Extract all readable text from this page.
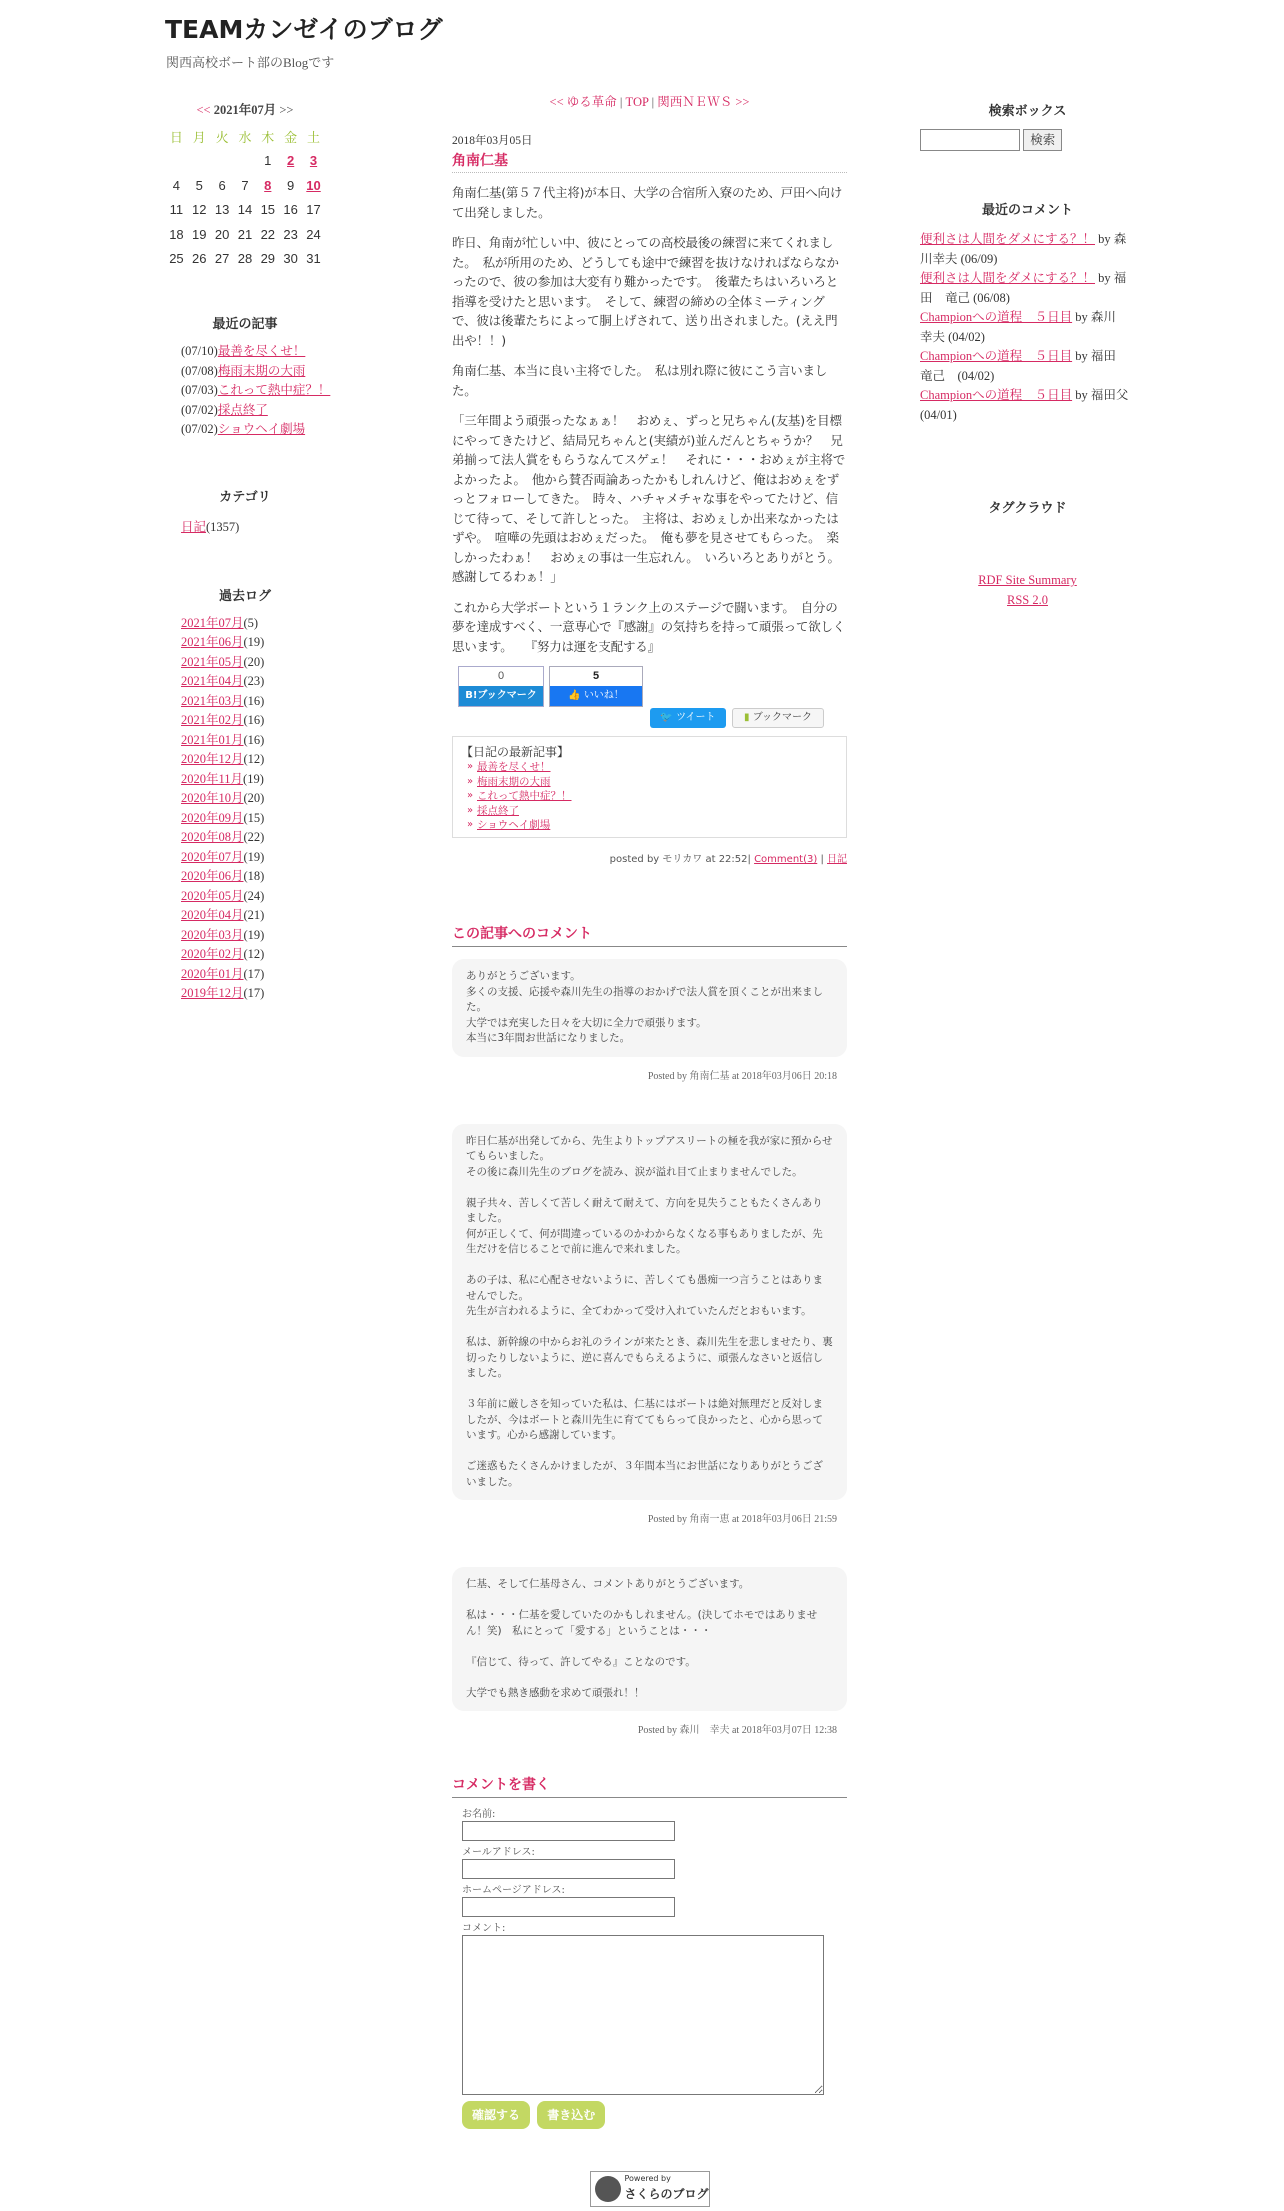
TEAMカンゼイのブログ
関西高校ボート部のBlogです
<< 2021年07月 >>
日	月	火	水	木	金	土
				1	2	3
4	5	6	7	8	9	10
11	12	13	14	15	16	17
18	19	20	21	22	23	24
25	26	27	28	29	30	31
最近の記事
(07/10)最善を尽くせ！
(07/08)梅雨末期の大雨
(07/03)これって熱中症？！
(07/02)採点終了
(07/02)ショウヘイ劇場
カテゴリ
日記(1357)
過去ログ
2021年07月(5)
2021年06月(19)
2021年05月(20)
2021年04月(23)
2021年03月(16)
2021年02月(16)
2021年01月(16)
2020年12月(12)
2020年11月(19)
2020年10月(20)
2020年09月(15)
2020年08月(22)
2020年07月(19)
2020年06月(18)
2020年05月(24)
2020年04月(21)
2020年03月(19)
2020年02月(12)
2020年01月(17)
2019年12月(17)
<< ゆる革命 | TOP | 関西ＮＥＷＳ >>
2018年03月05日
角南仁基

角南仁基(第５７代主将)が本日、大学の合宿所入寮のため、戸田へ向けて出発しました。

昨日、角南が忙しい中、彼にとっての高校最後の練習に来てくれました。　私が所用のため、どうしても途中で練習を抜けなければならなかったので、彼の参加は大変有り難かったです。　後輩たちはいろいろと指導を受けたと思います。　そして、練習の締めの全体ミーティングで、彼は後輩たちによって胴上げされて、送り出されました。(ええ門出や！！)

角南仁基、本当に良い主将でした。　私は別れ際に彼にこう言いました。

「三年間よう頑張ったなぁぁ！　おめぇ、ずっと兄ちゃん(友基)を目標にやってきたけど、結局兄ちゃんと(実績が)並んだんとちゃうか？　兄弟揃って法人賞をもらうなんてスゲェ！　それに・・・おめぇが主将でよかったよ。　他から賛否両論あったかもしれんけど、俺はおめぇをずっとフォローしてきた。　時々、ハチャメチャな事をやってたけど、信じて待って、そして許しとった。　主将は、おめぇしか出来なかったはずや。　喧嘩の先頭はおめぇだった。　俺も夢を見させてもらった。　楽しかったわぁ！　おめぇの事は一生忘れん。　いろいろとありがとう。　感謝してるわぁ！」

これから大学ボートという１ランク上のステージで闘います。　自分の夢を達成すべく、一意専心で『感謝』の気持ちを持って頑張って欲しく思います。　　『努力は運を支配する』

0
B!ブックマーク
5
👍 いいね！
🐦 ツイート	▮ ブックマーク
【日記の最新記事】
» 最善を尽くせ！
» 梅雨末期の大雨
» これって熱中症？！
» 採点終了
» ショウヘイ劇場
posted by モリカワ at 22:52| Comment(3) | 日記
この記事へのコメント
ありがとうございます。
多くの支援、応援や森川先生の指導のおかげで法人賞を頂くことが出来ました。
大学では充実した日々を大切に全力で頑張ります。
本当に3年間お世話になりました。
Posted by 角南仁基 at 2018年03月06日 20:18
昨日仁基が出発してから、先生よりトップアスリートの極を我が家に預からせてもらいました。
その後に森川先生のブログを読み、涙が溢れ目て止まりませんでした。

親子共々、苦しくて苦しく耐えて耐えて、方向を見失うこともたくさんありました。
何が正しくて、何が間違っているのかわからなくなる事もありましたが、先生だけを信じることで前に進んで来れました。

あの子は、私に心配させないように、苦しくても愚痴一つ言うことはありませんでした。
先生が言われるように、全てわかって受け入れていたんだとおもいます。

私は、新幹線の中からお礼のラインが来たとき、森川先生を悲しませたり、裏切ったりしないように、逆に喜んでもらえるように、頑張んなさいと返信しました。

３年前に厳しさを知っていた私は、仁基にはボートは絶対無理だと反対しましたが、今はボートと森川先生に育ててもらって良かったと、心から思っています。心から感謝しています。

ご迷惑もたくさんかけましたが、３年間本当にお世話になりありがとうございました。
Posted by 角南一恵 at 2018年03月06日 21:59
仁基、そして仁基母さん、コメントありがとうございます。

私は・・・仁基を愛していたのかもしれません。(決してホモではありません！笑)　私にとって「愛する」ということは・・・

『信じて、待って、許してやる』ことなのです。

大学でも熱き感動を求めて頑張れ！！
Posted by 森川　幸夫 at 2018年03月07日 12:38
コメントを書く
お名前:
メールアドレス:
ホームページアドレス:
コメント:
確認する 書き込む
Powered by
さくらのブログ
検索ボックス
検索
最近のコメント
便利さは人間をダメにする？！ by 森川幸夫 (06/09)
便利さは人間をダメにする？！ by 福田　竜己 (06/08)
Championへの道程　５日目 by 森川　幸夫 (04/02)
Championへの道程　５日目 by 福田　竜己　(04/02)
Championへの道程　５日目 by 福田父 (04/01)
タグクラウド
RDF Site Summary
RSS 2.0
